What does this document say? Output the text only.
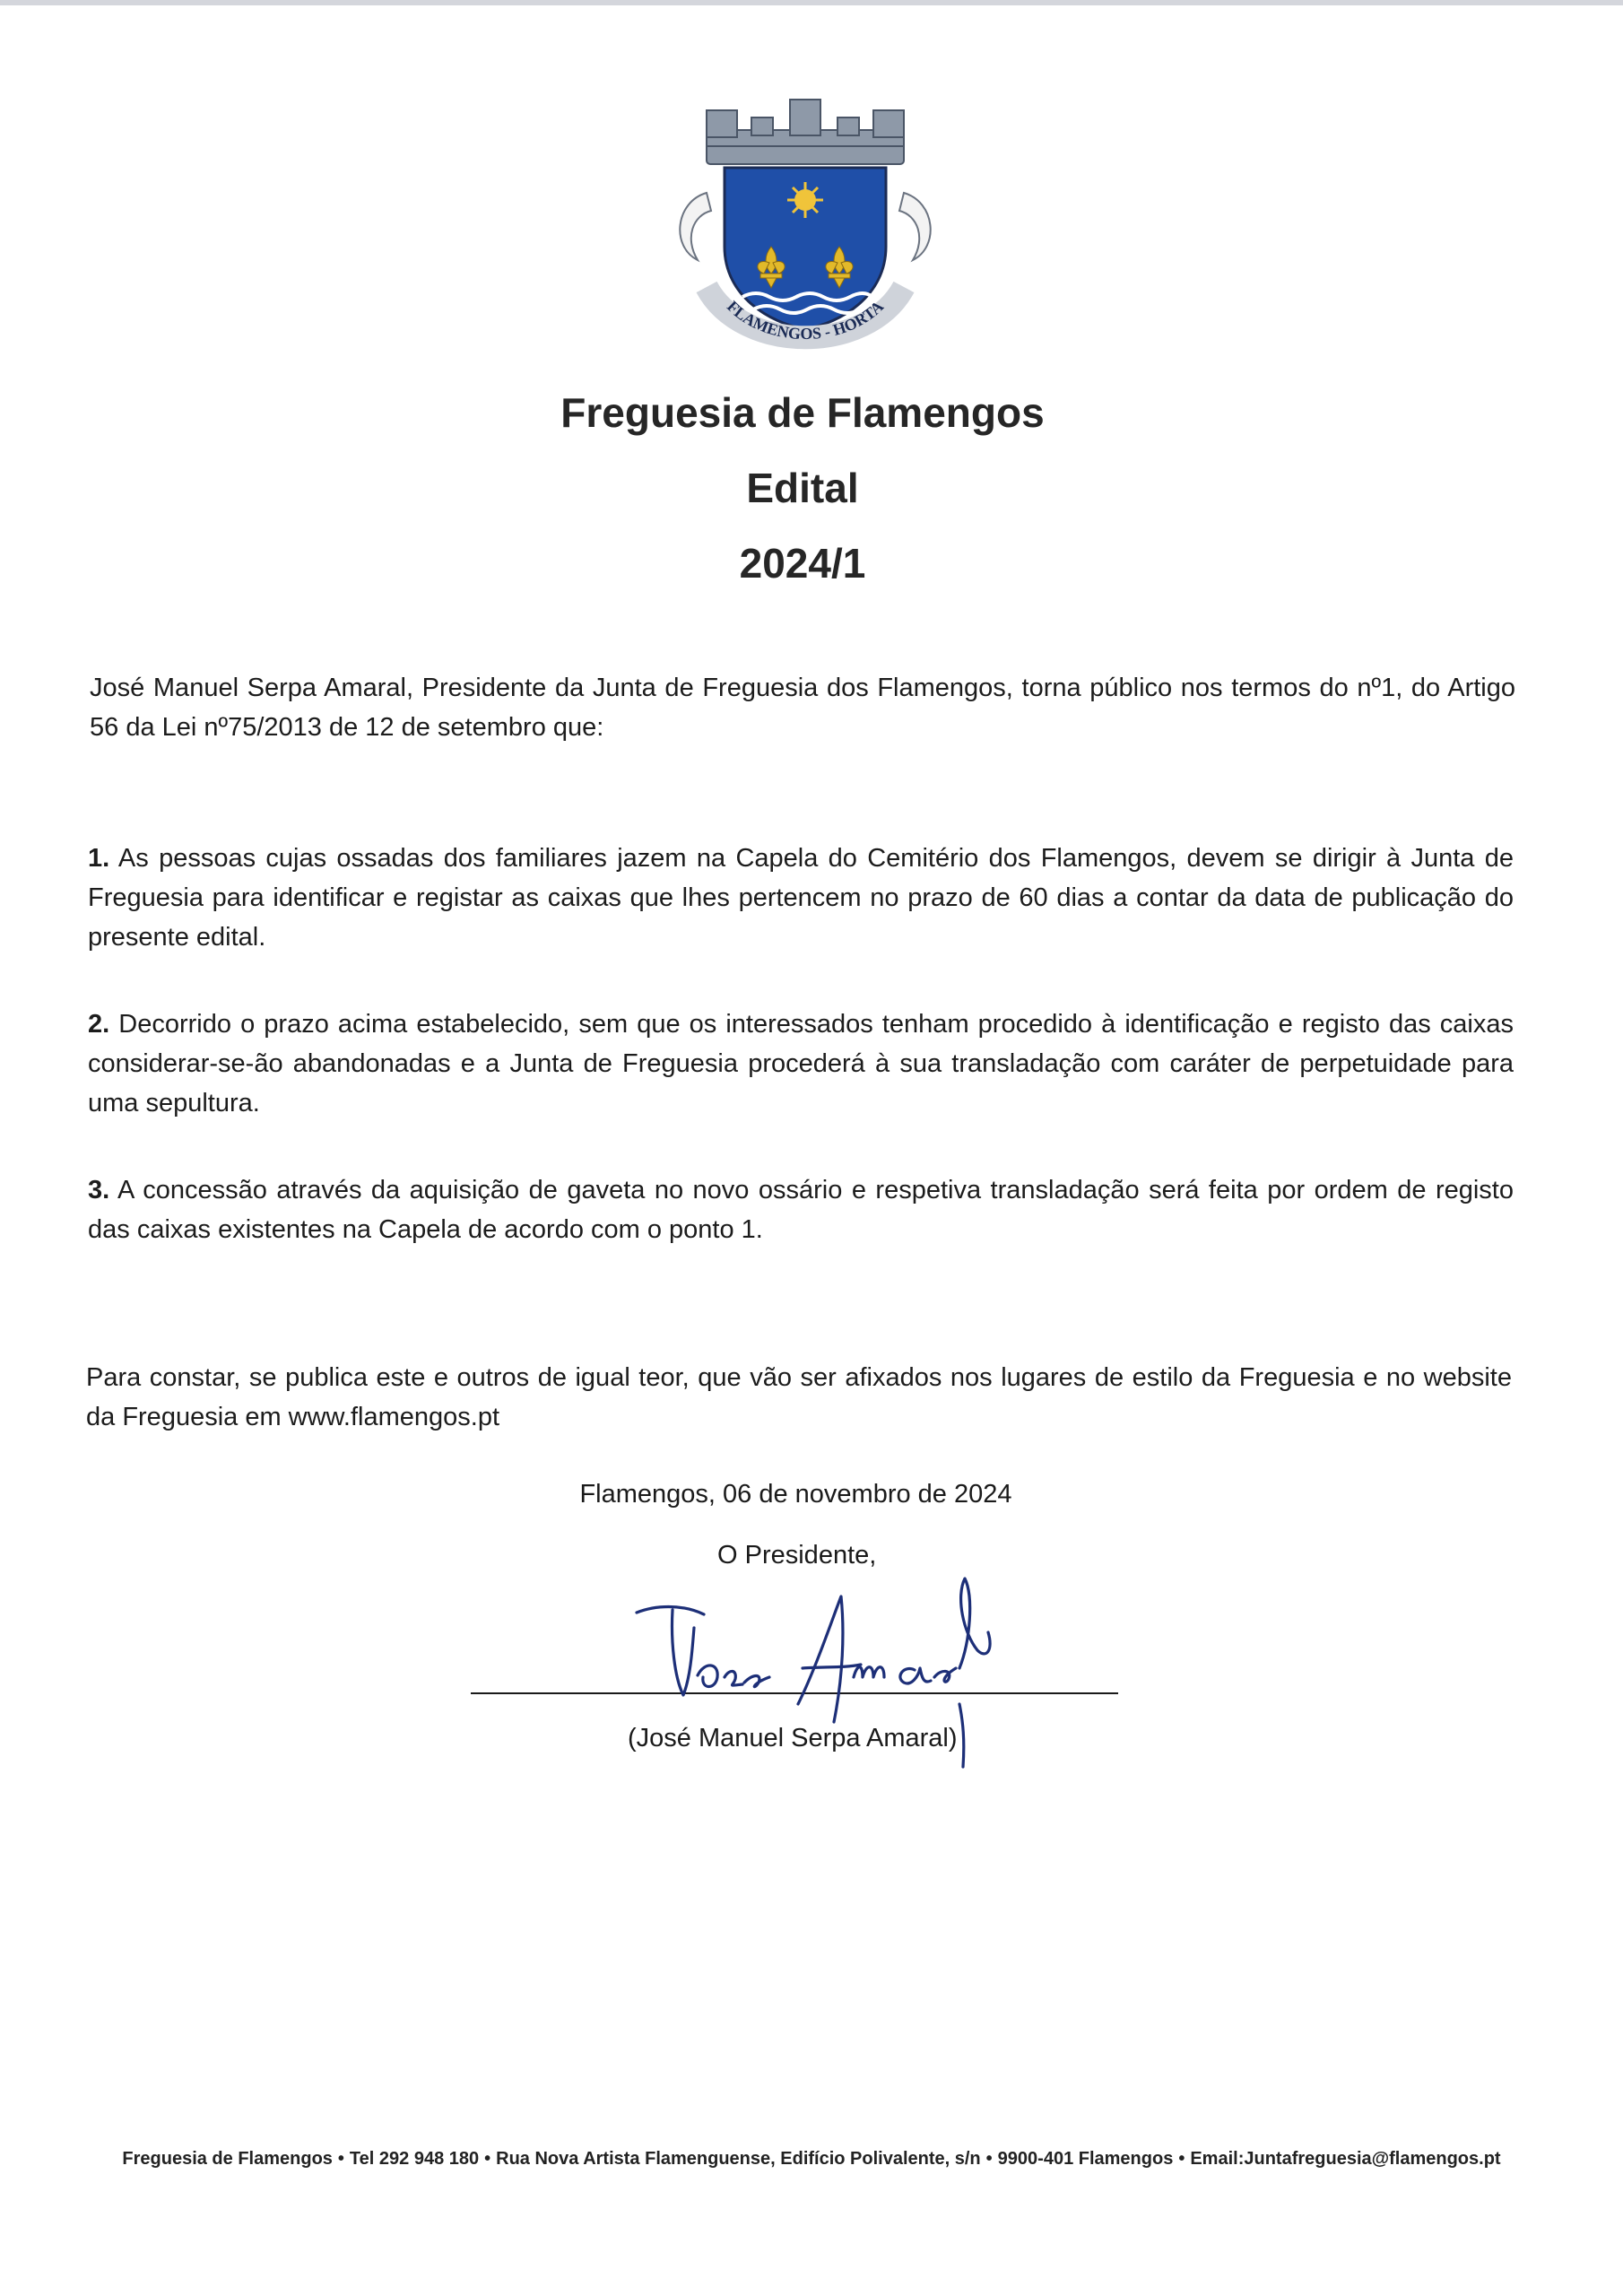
FLAMENGOS - HORTA
Freguesia de Flamengos
Edital
2024/1

José Manuel Serpa Amaral, Presidente da Junta de Freguesia dos Flamengos, torna público nos termos do nº1, do Artigo 56 da Lei nº75/2013 de 12 de setembro que:

1. As pessoas cujas ossadas dos familiares jazem na Capela do Cemitério dos Flamengos, devem se dirigir à Junta de Freguesia para identificar e registar as caixas que lhes pertencem no prazo de 60 dias a contar da data de publicação do presente edital.

2. Decorrido o prazo acima estabelecido, sem que os interessados tenham procedido à identificação e registo das caixas considerar-se-ão abandonadas e a Junta de Freguesia procederá à sua transladação com caráter de perpetuidade para uma sepultura.

3. A concessão através da aquisição de gaveta no novo ossário e respetiva transladação será feita por ordem de registo das caixas existentes na Capela de acordo com o ponto 1.

Para constar, se publica este e outros de igual teor, que vão ser afixados nos lugares de estilo da Freguesia e no website da Freguesia em www.flamengos.pt

Flamengos, 06 de novembro de 2024
O Presidente,
(José Manuel Serpa Amaral)
Freguesia de Flamengos • Tel 292 948 180 • Rua Nova Artista Flamenguense, Edifício Polivalente, s/n • 9900-401 Flamengos • Email:Juntafreguesia@flamengos.pt
